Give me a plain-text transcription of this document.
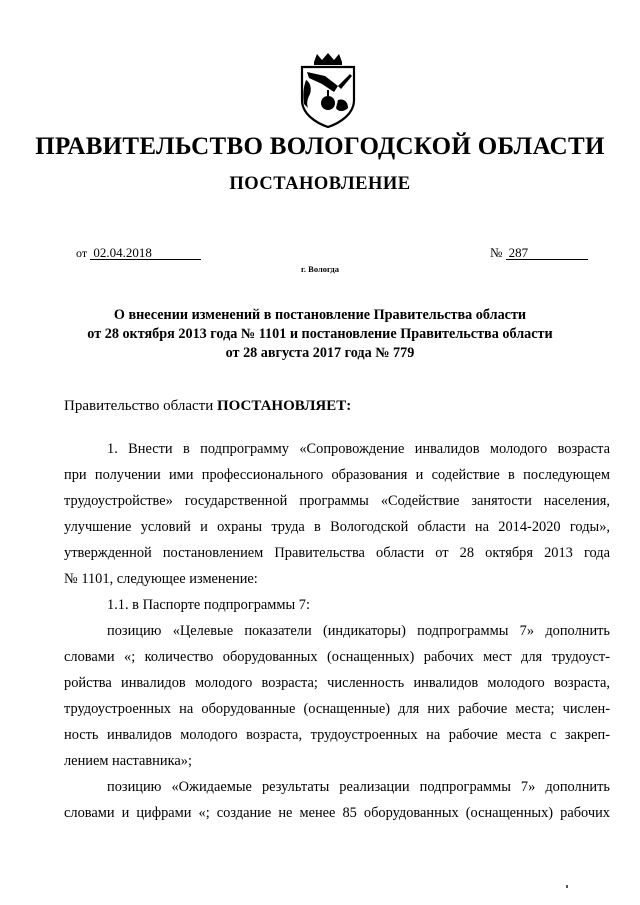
ПРАВИТЕЛЬСТВО ВОЛОГОДСКОЙ ОБЛАСТИ
ПОСТАНОВЛЕНИЕ
от 02.04.2018	№ 287
г. Вологда
О внесении изменений в постановление Правительства области
от 28 октября 2013 года № 1101 и постановление Правительства области
от 28 августа 2017 года № 779
Правительство области ПОСТАНОВЛЯЕТ:
1. Внести в подпрограмму «Сопровождение инвалидов молодого возраста
при получении ими профессионального образования и содействие в последующем
трудоустройстве» государственной программы «Содействие занятости населения,
улучшение условий и охраны труда в Вологодской области на 2014-2020 годы»,
утвержденной постановлением Правительства области от 28 октября 2013 года
№ 1101, следующее изменение:
1.1. в Паспорте подпрограммы 7:
позицию «Целевые показатели (индикаторы) подпрограммы 7» дополнить
словами «; количество оборудованных (оснащенных) рабочих мест для трудоуст-
ройства инвалидов молодого возраста; численность инвалидов молодого возраста,
трудоустроенных на оборудованные (оснащенные) для них рабочие места; числен-
ность инвалидов молодого возраста, трудоустроенных на рабочие места с закреп-
лением наставника»;
позицию «Ожидаемые результаты реализации подпрограммы 7» дополнить
словами и цифрами «; создание не менее 85 оборудованных (оснащенных) рабочих
